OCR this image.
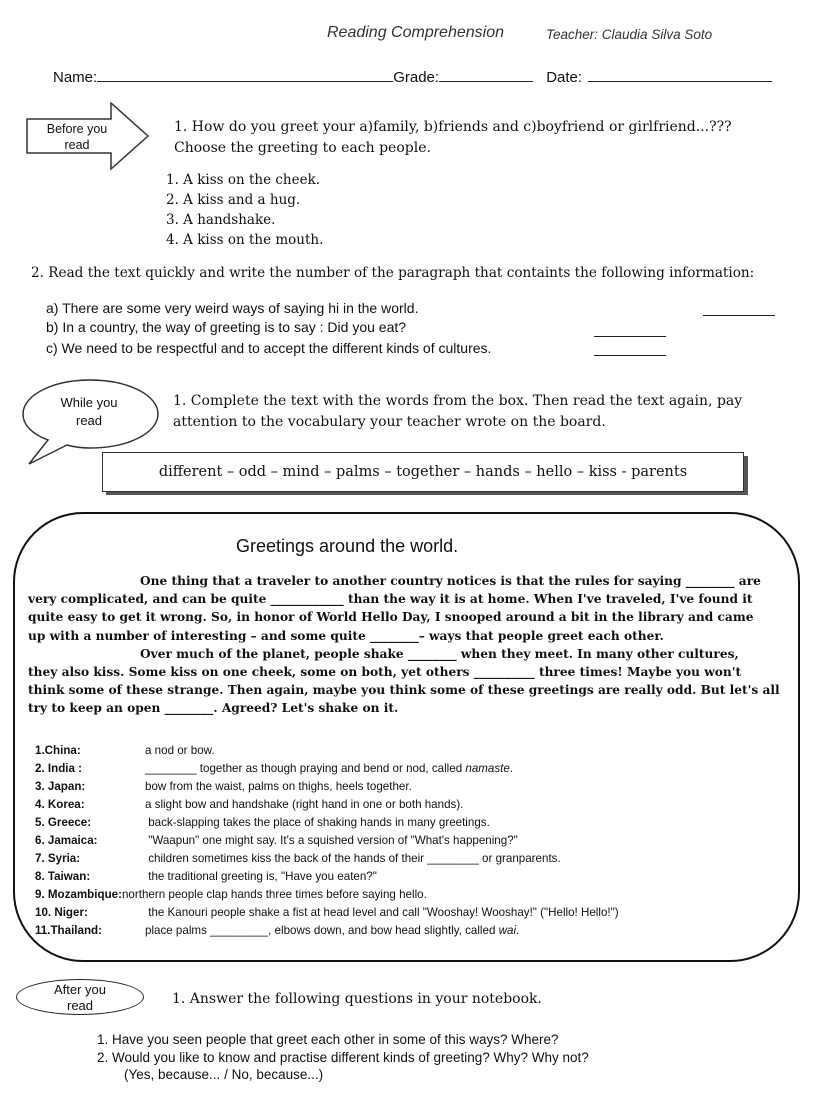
Reading Comprehension	Teacher: Claudia Silva Soto
Name:	Grade:	Date:
Before you
read
1. How do you greet your a)family, b)friends and c)boyfriend or girlfriend...???
Choose the greeting to each people.
1. A kiss on the cheek.
2. A kiss and a hug.
3. A handshake.
4. A kiss on the mouth.
2. Read the text quickly and write the number of the paragraph that containts the following information:
a) There are some very weird ways of saying hi in the world.
b) In a country, the way of greeting is to say : Did you eat?
c) We need to be respectful and to accept the different kinds of cultures.
While you
read
1. Complete the text with the words from the box. Then read the text again, pay
attention to the vocabulary your teacher wrote on the board.
different – odd – mind – palms – together – hands – hello – kiss - parents
Greetings around the world.
One thing that a traveler to another country notices is that the rules for saying ________ are
very complicated, and can be quite ____________ than the way it is at home. When I've traveled, I've found it
quite easy to get it wrong. So, in honor of World Hello Day, I snooped around a bit in the library and came
up with a number of interesting – and some quite ________– ways that people greet each other.
Over much of the planet, people shake ________ when they meet. In many other cultures,
they also kiss. Some kiss on one cheek, some on both, yet others __________ three times! Maybe you won't
think some of these strange. Then again, maybe you think some of these greetings are really odd. But let's all
try to keep an open ________. Agreed? Let's shake on it.
1.China:	a nod or bow.
2. India :	________ together as though praying and bend or nod, called namaste.
3. Japan:	bow from the waist, palms on thighs, heels together.
4. Korea:	a slight bow and handshake (right hand in one or both hands).
5. Greece:	back-slapping takes the place of shaking hands in many greetings.
6. Jamaica:	"Waapun" one might say. It's a squished version of "What's happening?"
7. Syria:	children sometimes kiss the back of the hands of their ________ or granparents.
8. Taiwan:	the traditional greeting is, "Have you eaten?"
9. Mozambique:northern people clap hands three times before saying hello.
10. Niger:	the Kanouri people shake a fist at head level and call "Wooshay! Wooshay!" ("Hello! Hello!")
11.Thailand:	place palms _________, elbows down, and bow head slightly, called wai.
After you
read	1. Answer the following questions in your notebook.
1. Have you seen people that greet each other in some of this ways? Where?
2. Would you like to know and practise different kinds of greeting? Why? Why not?
(Yes, because... / No, because...)
